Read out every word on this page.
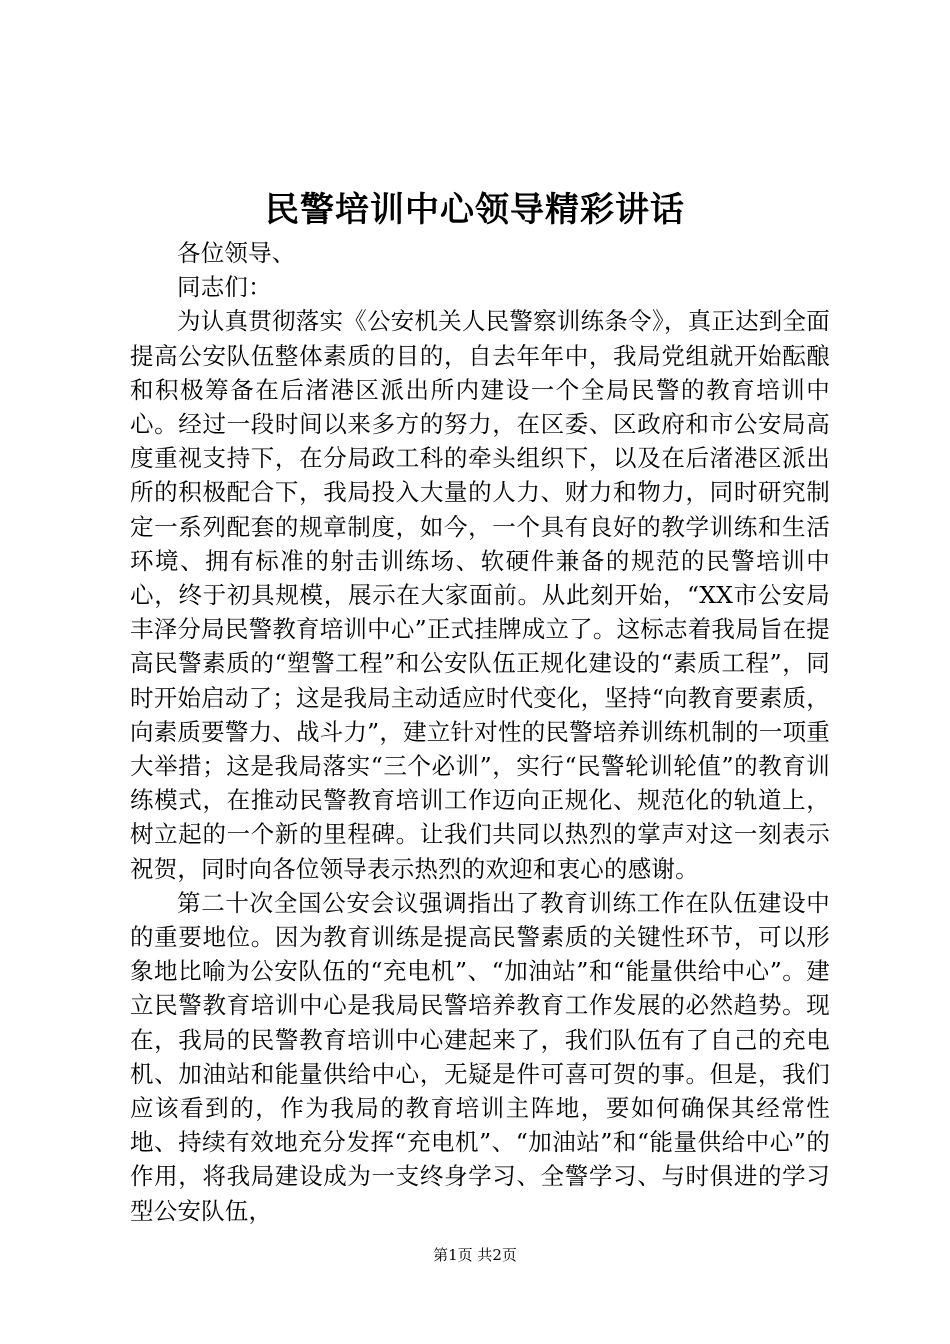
民警培训中心领导精彩讲话

各位领导、

同志们：

为认真贯彻落实《公安机关人民警察训练条令》，真正达到全面提高公安队伍整体素质的目的，自去年年中，我局党组就开始酝酿和积极筹备在后渚港区派出所内建设一个全局民警的教育培训中心。经过一段时间以来多方的努力，在区委、区政府和市公安局高度重视支持下，在分局政工科的牵头组织下，以及在后渚港区派出所的积极配合下，我局投入大量的人力、财力和物力，同时研究制定一系列配套的规章制度，如今，一个具有良好的教学训练和生活环境、拥有标准的射击训练场、软硬件兼备的规范的民警培训中心，终于初具规模，展示在大家面前。从此刻开始，“XX市公安局丰泽分局民警教育培训中心”正式挂牌成立了。这标志着我局旨在提高民警素质的“塑警工程”和公安队伍正规化建设的“素质工程”，同时开始启动了；这是我局主动适应时代变化，坚持“向教育要素质，向素质要警力、战斗力”，建立针对性的民警培养训练机制的一项重大举措；这是我局落实“三个必训”，实行“民警轮训轮值”的教育训练模式，在推动民警教育培训工作迈向正规化、规范化的轨道上，树立起的一个新的里程碑。让我们共同以热烈的掌声对这一刻表示祝贺，同时向各位领导表示热烈的欢迎和衷心的感谢。

第二十次全国公安会议强调指出了教育训练工作在队伍建设中的重要地位。因为教育训练是提高民警素质的关键性环节，可以形象地比喻为公安队伍的“充电机”、“加油站”和“能量供给中心”。建立民警教育培训中心是我局民警培养教育工作发展的必然趋势。现在，我局的民警教育培训中心建起来了，我们队伍有了自己的充电机、加油站和能量供给中心，无疑是件可喜可贺的事。但是，我们应该看到的，作为我局的教育培训主阵地，要如何确保其经常性地、持续有效地充分发挥“充电机”、“加油站”和“能量供给中心”的作用，将我局建设成为一支终身学习、全警学习、与时俱进的学习型公安队伍，

第1页 共2页
